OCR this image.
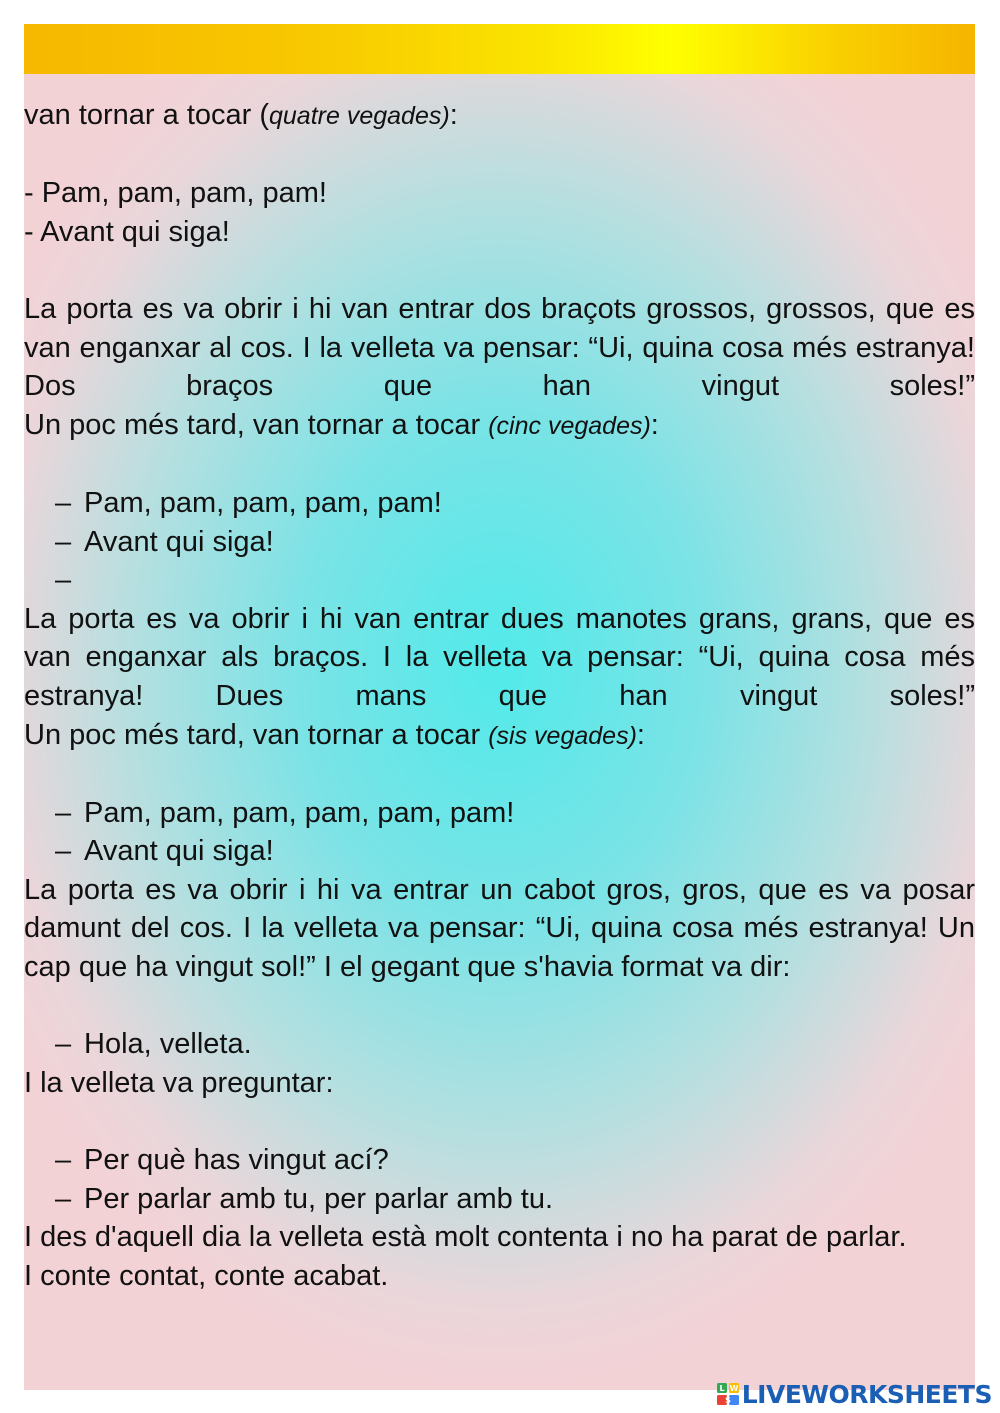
van tornar a tocar (quatre vegades):

- Pam, pam, pam, pam!

- Avant qui siga!

La porta es va obrir i hi van entrar dos braçots grossos, grossos, que es van enganxar al cos. I la velleta va pensar: “Ui, quina cosa més estranya! Dos braços que han vingut soles!”

Un poc més tard, van tornar a tocar (cinc vegades):

– Pam, pam, pam, pam, pam!

– Avant qui siga!

–

La porta es va obrir i hi van entrar dues manotes grans, grans, que es van enganxar als braços. I la velleta va pensar: “Ui, quina cosa més estranya! Dues mans que han vingut soles!”

Un poc més tard, van tornar a tocar (sis vegades):

– Pam, pam, pam, pam, pam, pam!

– Avant qui siga!

La porta es va obrir i hi va entrar un cabot gros, gros, que es va posar damunt del cos. I la velleta va pensar: “Ui, quina cosa més estranya! Un cap que ha vingut sol!” I el gegant que s'havia format va dir:

– Hola, velleta.

I la velleta va preguntar:

– Per què has vingut ací?

– Per parlar amb tu, per parlar amb tu.

I des d'aquell dia la velleta està molt contenta i no ha parat de parlar.

I conte contat, conte acabat.

L W
S LIVEWORKSHEETS
